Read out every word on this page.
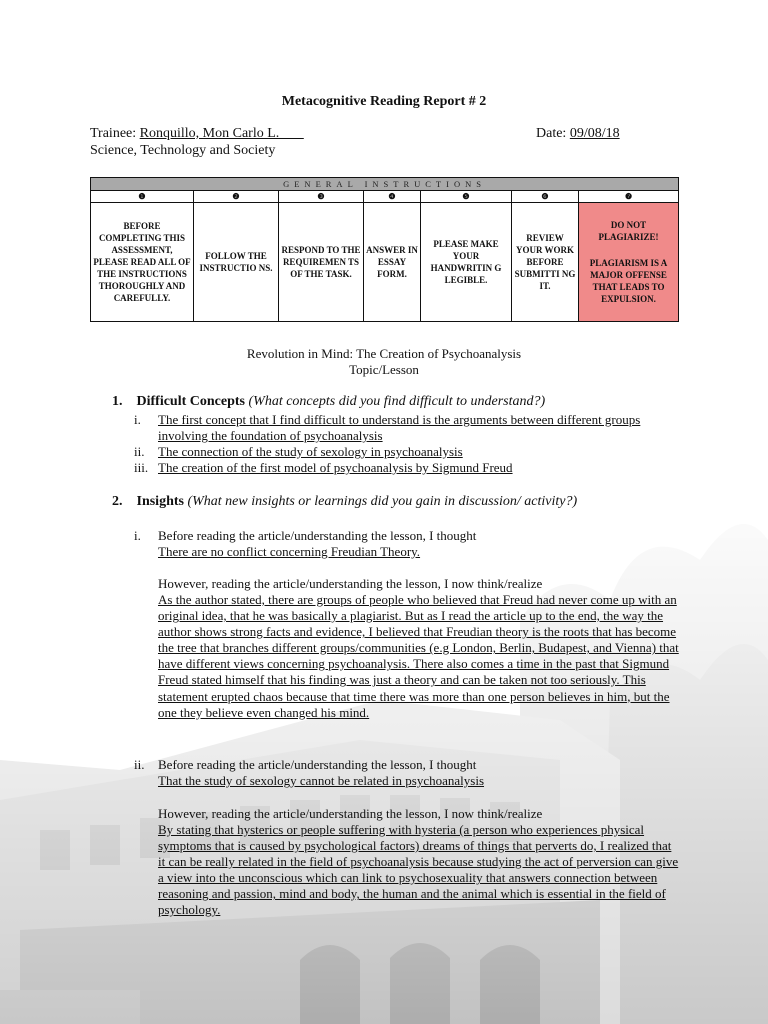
Metacognitive Reading Report # 2
Trainee: Ronquillo, Mon Carlo L.	Date: 09/08/18
Science, Technology and Society
GENERAL INSTRUCTIONS						
❶	❷	❸	❹	❺	❻	❼
BEFORE COMPLETING THIS ASSESSMENT, PLEASE READ ALL OF THE INSTRUCTIONS THOROUGHLY AND CAREFULLY.	FOLLOW THE INSTRUCTIO NS.	RESPOND TO THE REQUIREMEN TS OF THE TASK.	ANSWER IN ESSAY FORM.	PLEASE MAKE YOUR HANDWRITIN G LEGIBLE.	REVIEW YOUR WORK BEFORE SUBMITTI NG IT.	DO NOT PLAGIARIZE!

PLAGIARISM IS A MAJOR OFFENSE THAT LEADS TO EXPULSION.

Revolution in Mind: The Creation of Psychoanalysis
Topic/Lesson
1. Difficult Concepts (What concepts did you find difficult to understand?)
i. The first concept that I find difficult to understand is the arguments between different groups involving the foundation of psychoanalysis
ii. The connection of the study of sexology in psychoanalysis
iii. The creation of the first model of psychoanalysis by Sigmund Freud
2. Insights (What new insights or learnings did you gain in discussion/ activity?)
i. Before reading the article/understanding the lesson, I thought
There are no conflict concerning Freudian Theory.
However, reading the article/understanding the lesson, I now think/realize
As the author stated, there are groups of people who believed that Freud had never come up with an original idea, that he was basically a plagiarist. But as I read the article up to the end, the way the author shows strong facts and evidence, I believed that Freudian theory is the roots that has become the tree that branches different groups/communities (e.g London, Berlin, Budapest, and Vienna) that have different views concerning psychoanalysis. There also comes a time in the past that Sigmund Freud stated himself that his finding was just a theory and can be taken not too seriously. This statement erupted chaos because that time there was more than one person believes in him, but the one they believe even changed his mind.
ii. Before reading the article/understanding the lesson, I thought
That the study of sexology cannot be related in psychoanalysis
However, reading the article/understanding the lesson, I now think/realize
By stating that hysterics or people suffering with hysteria (a person who experiences physical symptoms that is caused by psychological factors) dreams of things that perverts do, I realized that it can be really related in the field of psychoanalysis because studying the act of perversion can give a view into the unconscious which can link to psychosexuality that answers connection between reasoning and passion, mind and body, the human and the animal which is essential in the field of psychology.
